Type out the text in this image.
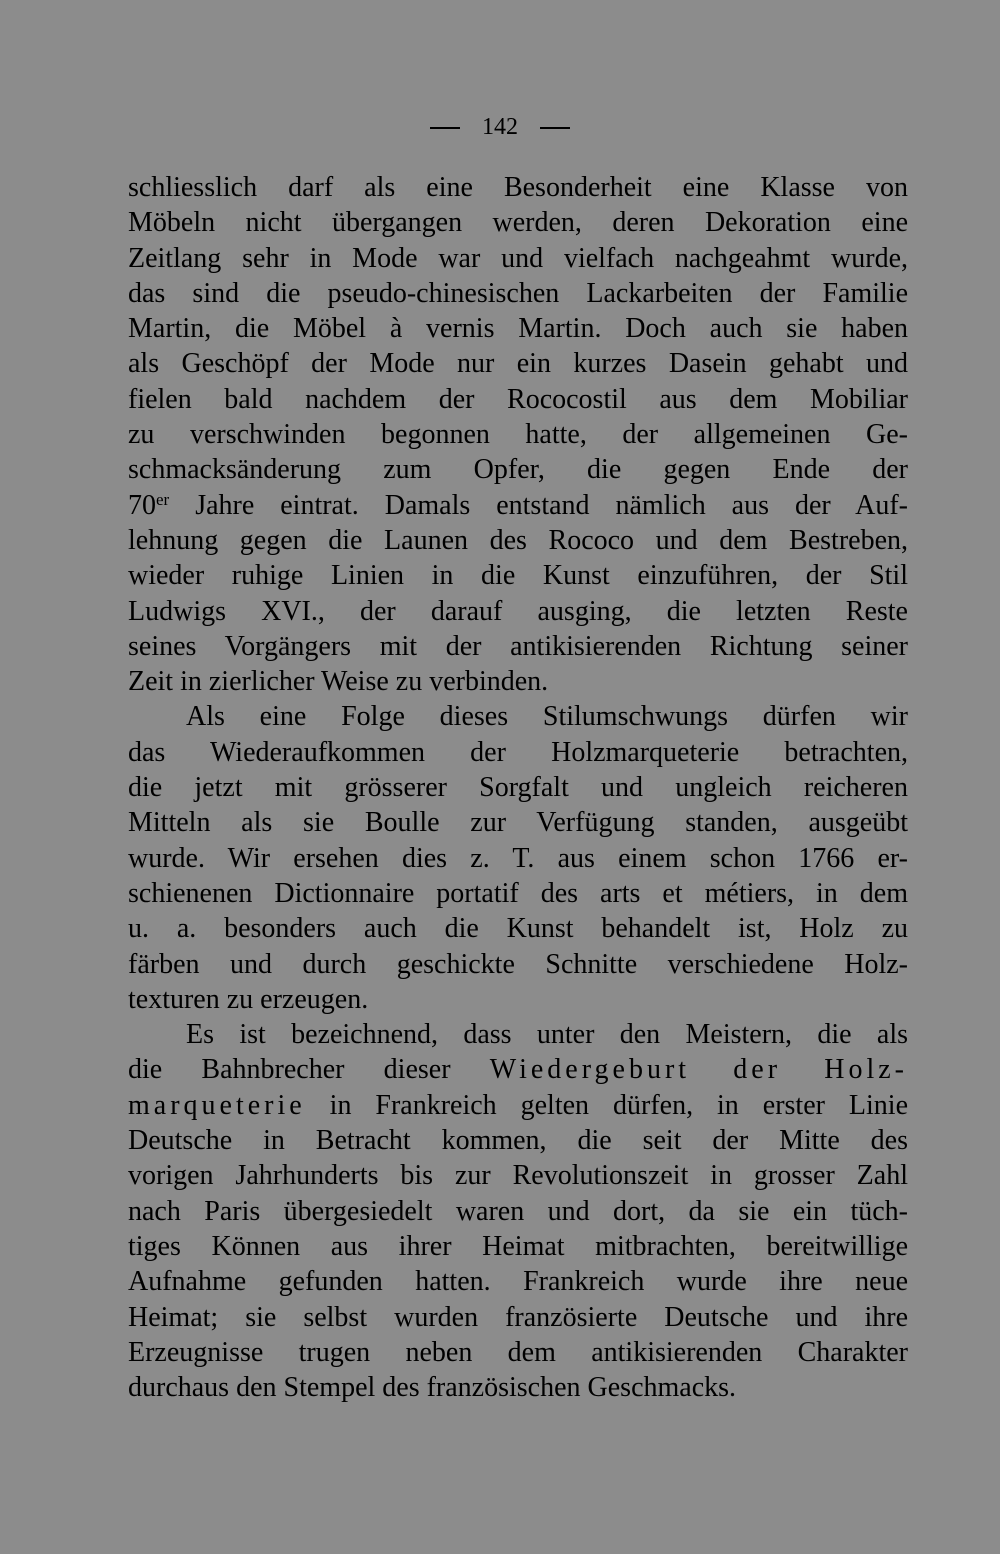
142
schliesslich darf als eine Besonderheit eine Klasse von
Möbeln nicht übergangen werden, deren Dekoration eine
Zeitlang sehr in Mode war und vielfach nachgeahmt wurde,
das sind die pseudo-chinesischen Lackarbeiten der Familie
Martin, die Möbel à vernis Martin. Doch auch sie haben
als Geschöpf der Mode nur ein kurzes Dasein gehabt und
fielen bald nachdem der Rococostil aus dem Mobiliar
zu verschwinden begonnen hatte, der allgemeinen Ge-
schmacksänderung zum Opfer, die gegen Ende der
70er Jahre eintrat. Damals entstand nämlich aus der Auf-
lehnung gegen die Launen des Rococo und dem Bestreben,
wieder ruhige Linien in die Kunst einzuführen, der Stil
Ludwigs XVI., der darauf ausging, die letzten Reste
seines Vorgängers mit der antikisierenden Richtung seiner
Zeit in zierlicher Weise zu verbinden.
Als eine Folge dieses Stilumschwungs dürfen wir
das Wiederaufkommen der Holzmarqueterie betrachten,
die jetzt mit grösserer Sorgfalt und ungleich reicheren
Mitteln als sie Boulle zur Verfügung standen, ausgeübt
wurde. Wir ersehen dies z. T. aus einem schon 1766 er-
schienenen Dictionnaire portatif des arts et métiers, in dem
u. a. besonders auch die Kunst behandelt ist, Holz zu
färben und durch geschickte Schnitte verschiedene Holz-
texturen zu erzeugen.
Es ist bezeichnend, dass unter den Meistern, die als
die Bahnbrecher dieser Wiedergeburt der Holz-
marqueterie in Frankreich gelten dürfen, in erster Linie
Deutsche in Betracht kommen, die seit der Mitte des
vorigen Jahrhunderts bis zur Revolutionszeit in grosser Zahl
nach Paris übergesiedelt waren und dort, da sie ein tüch-
tiges Können aus ihrer Heimat mitbrachten, bereitwillige
Aufnahme gefunden hatten. Frankreich wurde ihre neue
Heimat; sie selbst wurden französierte Deutsche und ihre
Erzeugnisse trugen neben dem antikisierenden Charakter
durchaus den Stempel des französischen Geschmacks.
